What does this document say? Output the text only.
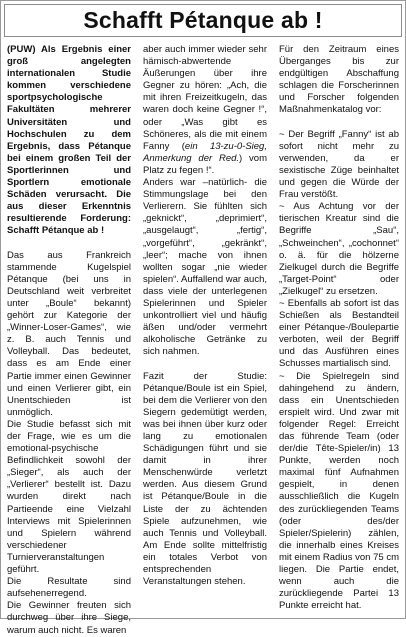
Schafft Pétanque ab !

(PUW) Als Ergebnis einer groß angelegten internationalen Studie kommen verschiedene sportpsychologische Fakultäten mehrerer Universitäten und Hochschulen zu dem Ergebnis, dass Pétanque bei einem großen Teil der Sportlerinnen und Sportlern emotionale Schäden verursacht. Die aus dieser Erkenntnis resultierende Forderung: Schafft Pétanque ab !

Das aus Frankreich stammende Kugelspiel Pétanque (bei uns in Deutschland weit verbreitet unter „Boule“ bekannt) gehört zur Kategorie der „Winner-Loser-Games“, wie z. B. auch Tennis und Volleyball. Das bedeutet, dass es am Ende einer Partie immer einen Gewinner und einen Verlierer gibt, ein Unentschieden ist unmöglich.

Die Studie befasst sich mit der Frage, wie es um die emotional-psychische Befindlichkeit sowohl der „Sieger“, als auch der „Verlierer“ bestellt ist. Dazu wurden direkt nach Partieende eine Vielzahl Interviews mit Spielerinnen und Spielern während verschiedener Turnierveranstaltungen geführt.

Die Resultate sind aufsehenerregend.

Die Gewinner freuten sich durchweg über ihre Siege, warum auch nicht. Es waren

aber auch immer wieder sehr hämisch-abwertende Äußerungen über ihre Gegner zu hören: „Ach, die mit ihren Freizeitkugeln, das waren doch keine Gegner !“, oder „Was gibt es Schöneres, als die mit einem Fanny (ein 13-zu-0-Sieg, Anmerkung der Red.) vom Platz zu fegen !“.

Anders war –natürlich- die Stimmungslage bei den Verlierern. Sie fühlten sich „geknickt“, „deprimiert“, „ausgelaugt“, „fertig“, „vorgeführt“, „gekränkt“, „leer“; mache von ihnen wollten sogar „nie wieder spielen“. Auffallend war auch, dass viele der unterlegenen Spielerinnen und Spieler unkontrolliert viel und häufig äßen und/oder vermehrt alkoholische Getränke zu sich nahmen.

Fazit der Studie: Pétanque/Boule ist ein Spiel, bei dem die Verlierer von den Siegern gedemütigt werden, was bei ihnen über kurz oder lang zu emotionalen Schädigungen führt und sie damit in ihrer Menschenwürde verletzt werden. Aus diesem Grund ist Pétanque/Boule in die Liste der zu ächtenden Spiele aufzunehmen, wie auch Tennis und Volleyball. Am Ende sollte mittelfristig ein totales Verbot von entsprechenden Veranstaltungen stehen.

Für den Zeitraum eines Überganges bis zur endgültigen Abschaffung schlagen die Forscherinnen und Forscher folgenden Maßnahmenkatalog vor:

~ Der Begriff „Fanny“ ist ab sofort nicht mehr zu verwenden, da er sexistische Züge beinhaltet und gegen die Würde der Frau verstößt.

~ Aus Achtung vor der tierischen Kreatur sind die Begriffe „Sau“, „Schweinchen“, „cochonnet“ o. ä. für die hölzerne Zielkugel durch die Begriffe „Target-Point“ oder „Zielkugel“ zu ersetzen.

~ Ebenfalls ab sofort ist das Schießen als Bestandteil einer Pétanque-/Boulepartie verboten, weil der Begriff und das Ausführen eines Schusses martialisch sind.

~ Die Spielregeln sind dahingehend zu ändern, dass ein Unentschieden erspielt wird. Und zwar mit folgender Regel: Erreicht das führende Team (oder der/die Tête-Spieler/in) 13 Punkte, werden noch maximal fünf Aufnahmen gespielt, in denen ausschließlich die Kugeln des zurückliegenden Teams (oder des/der Spieler/Spielerin) zählen, die innerhalb eines Kreises mit einem Radius von 75 cm liegen. Die Partie endet, wenn auch die zurückliegende Partei 13 Punkte erreicht hat.
